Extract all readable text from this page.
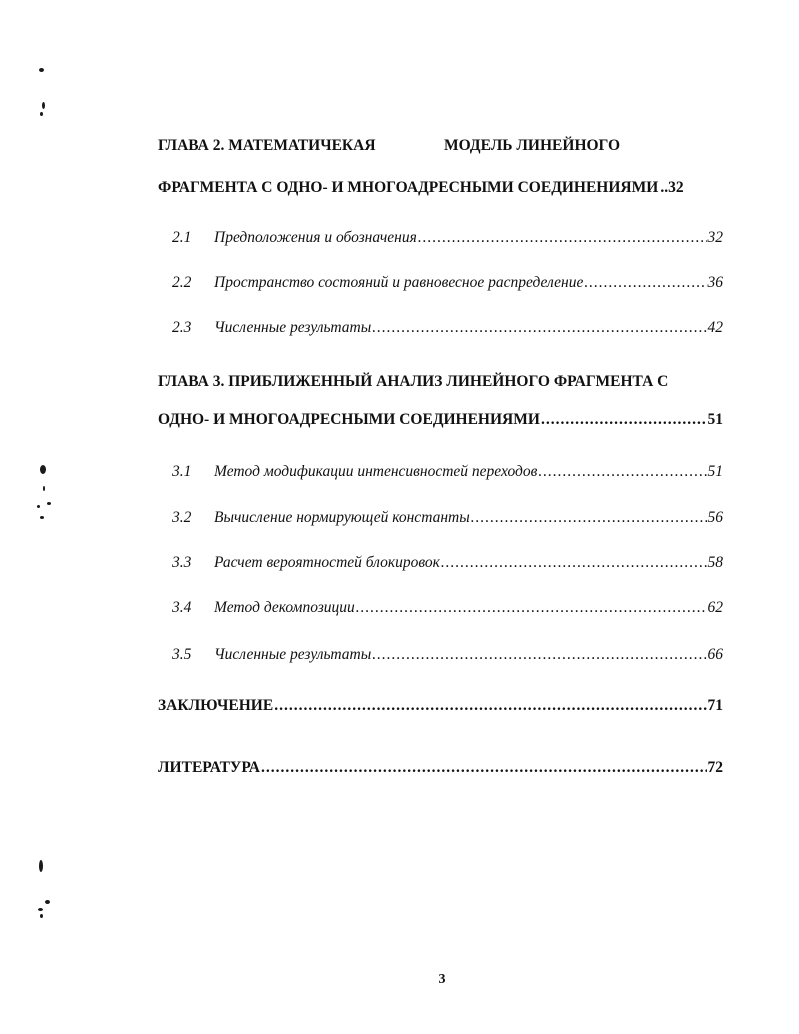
ГЛАВА 2. МАТЕМАТИЧЕКАЯ	МОДЕЛЬ ЛИНЕЙНОГО
ФРАГМЕНТА С ОДНО- И МНОГОАДРЕСНЫМИ СОЕДИНЕНИЯМИ .. 32
2.1	Предположения и обозначения .....	32
2.2	Пространство состояний и равновесное распределение .....	36
2.3	Численные результаты .....	42
ГЛАВА 3. ПРИБЛИЖЕННЫЙ АНАЛИЗ ЛИНЕЙНОГО ФРАГМЕНТА С
ОДНО- И МНОГОАДРЕСНЫМИ СОЕДИНЕНИЯМИ .....	51
3.1	Метод модификации интенсивностей переходов .....	51
3.2	Вычисление нормирующей константы .....	56
3.3	Расчет вероятностей блокировок .....	58
3.4	Метод декомпозиции .....	62
3.5	Численные результаты .....	66
ЗАКЛЮЧЕНИЕ .....	71
ЛИТЕРАТУРА .....	72
3
